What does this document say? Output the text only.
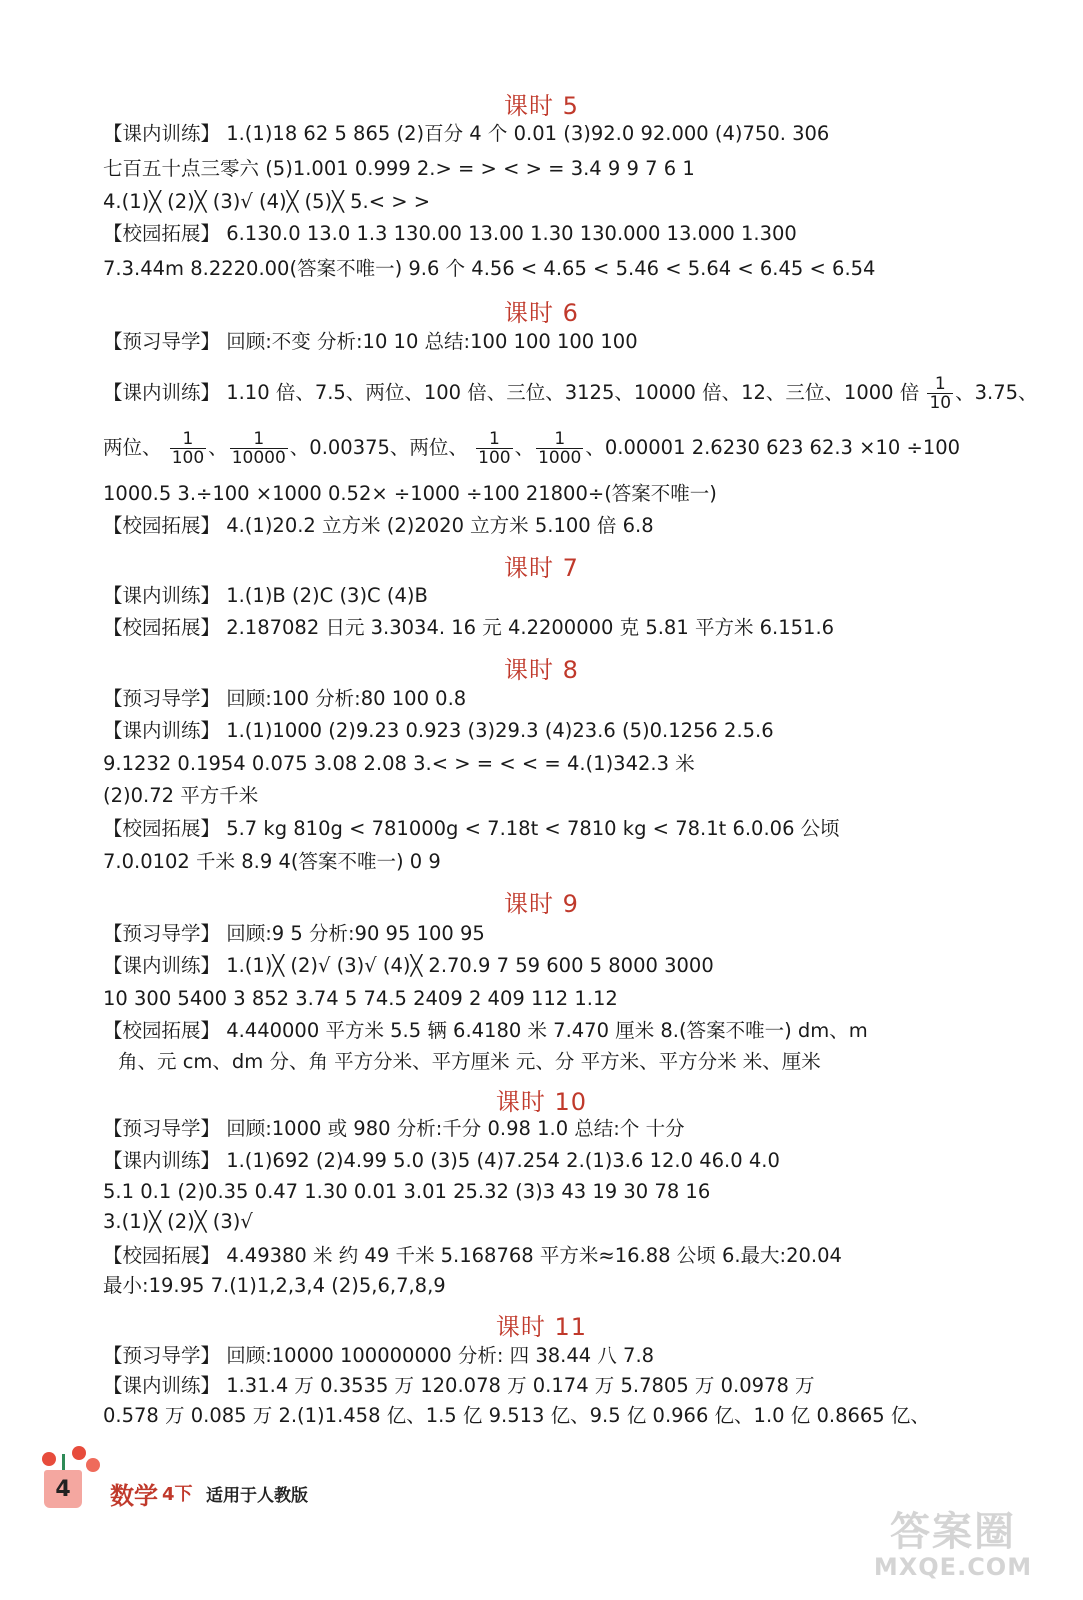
课时 5
【课内训练】 1.(1)18 62 5 865 (2)百分 4 个 0.01 (3)92.0 92.000 (4)750. 306
七百五十点三零六 (5)1.001 0.999 2.> = > < > = 3.4 9 9 7 6 1
4.(1)╳ (2)╳ (3)√ (4)╳ (5)╳ 5.< > >
【校园拓展】 6.130.0 13.0 1.3 130.00 13.00 1.30 130.000 13.000 1.300
7.3.44m 8.2220.00(答案不唯一) 9.6 个 4.56 < 4.65 < 5.46 < 5.64 < 6.45 < 6.54
课时 6
【预习导学】 回顾:不变 分析:10 10 总结:100 100 100 100
【课内训练】 1.10 倍、7.5、两位、100 倍、三位、3125、10000 倍、12、三位、1000 倍 $\frac{1}{10}$ 、3.75、
两位、 $\frac{1}{100}$ 、 $\frac{1}{10000}$ 、0.00375、两位、 $\frac{1}{100}$ 、 $\frac{1}{1000}$ 、0.00001 2.6230 623 62.3 ×10 ÷100
1000.5 3.÷100 ×1000 0.52× ÷1000 ÷100 21800÷(答案不唯一)
【校园拓展】 4.(1)20.2 立方米 (2)2020 立方米 5.100 倍 6.8
课时 7
【课内训练】 1.(1)B (2)C (3)C (4)B
【校园拓展】 2.187082 日元 3.3034. 16 元 4.2200000 克 5.81 平方米 6.151.6
课时 8
【预习导学】 回顾:100 分析:80 100 0.8
【课内训练】 1.(1)1000 (2)9.23 0.923 (3)29.3 (4)23.6 (5)0.1256 2.5.6
9.1232 0.1954 0.075 3.08 2.08 3.< > = < < = 4.(1)342.3 米
(2)0.72 平方千米
【校园拓展】 5.7 kg 810g < 781000g < 7.18t < 7810 kg < 78.1t 6.0.06 公顷
7.0.0102 千米 8.9 4(答案不唯一) 0 9
课时 9
【预习导学】 回顾:9 5 分析:90 95 100 95
【课内训练】 1.(1)╳ (2)√ (3)√ (4)╳ 2.70.9 7 59 600 5 8000 3000
10 300 5400 3 852 3.74 5 74.5 2409 2 409 112 1.12
【校园拓展】 4.440000 平方米 5.5 辆 6.4180 米 7.470 厘米 8.(答案不唯一) dm、m
角、元 cm、dm 分、角 平方分米、平方厘米 元、分 平方米、平方分米 米、厘米
课时 10
【预习导学】 回顾:1000 或 980 分析:千分 0.98 1.0 总结:个 十分
【课内训练】 1.(1)692 (2)4.99 5.0 (3)5 (4)7.254 2.(1)3.6 12.0 46.0 4.0
5.1 0.1 (2)0.35 0.47 1.30 0.01 3.01 25.32 (3)3 43 19 30 78 16
3.(1)╳ (2)╳ (3)√
【校园拓展】 4.49380 米 约 49 千米 5.168768 平方米≈16.88 公顷 6.最大:20.04
最小:19.95 7.(1)1,2,3,4 (2)5,6,7,8,9
课时 11
【预习导学】 回顾:10000 100000000 分析: 四 38.44 八 7.8
【课内训练】 1.31.4 万 0.3535 万 120.078 万 0.174 万 5.7805 万 0.0978 万
0.578 万 0.085 万 2.(1)1.458 亿、1.5 亿 9.513 亿、9.5 亿 0.966 亿、1.0 亿 0.8665 亿、
4	数学 4下 适用于人教版
答案圈
MXQE.COM
